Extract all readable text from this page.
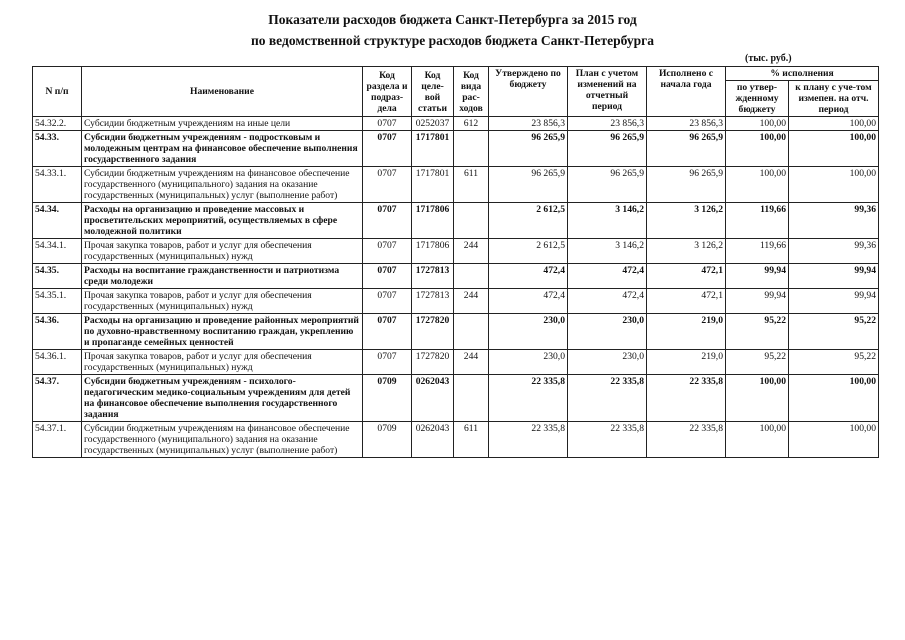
Показатели расходов бюджета Санкт-Петербурга за 2015 год
по ведомственной структуре расходов бюджета Санкт-Петербурга
(тыс. руб.)
N п/п	Наименование	Код раздела и подраз-дела	Код целе-вой статьи	Код вида рас-ходов	Утверждено по бюджету	План с учетом изменений на отчетный период	Исполнено с начала года	% исполнения	
								по утвер-жденному бюджету	к плану с уче-том измепен. на отч. период
54.32.2.	Субсидии бюджетным учреждениям на иные цели	0707	0252037	612	23 856,3	23 856,3	23 856,3	100,00	100,00
54.33.	Субсидии бюджетным учреждениям - подростковым и молодежным центрам на финансовое обеспечение выполнения государственного задания	0707	1717801		96 265,9	96 265,9	96 265,9	100,00	100,00
54.33.1.	Субсидии бюджетным учреждениям на финансовое обеспечение государственного (муниципального) задания на оказание государственных (муниципальных) услуг (выполнение работ)	0707	1717801	611	96 265,9	96 265,9	96 265,9	100,00	100,00
54.34.	Расходы на организацию и проведение массовых и просветительских мероприятий, осуществляемых в сфере молодежной политики	0707	1717806		2 612,5	3 146,2	3 126,2	119,66	99,36
54.34.1.	Прочая закупка товаров, работ и услуг для обеспечения государственных (муниципальных) нужд	0707	1717806	244	2 612,5	3 146,2	3 126,2	119,66	99,36
54.35.	Расходы на воспитание гражданственности и патриотизма среди молодежи	0707	1727813		472,4	472,4	472,1	99,94	99,94
54.35.1.	Прочая закупка товаров, работ и услуг для обеспечения государственных (муниципальных) нужд	0707	1727813	244	472,4	472,4	472,1	99,94	99,94
54.36.	Расходы на организацию и проведение районных мероприятий по духовно-нравственному воспитанию граждан, укреплению и пропаганде семейных ценностей	0707	1727820		230,0	230,0	219,0	95,22	95,22
54.36.1.	Прочая закупка товаров, работ и услуг для обеспечения государственных (муниципальных) нужд	0707	1727820	244	230,0	230,0	219,0	95,22	95,22
54.37.	Субсидии бюджетным учреждениям - психолого-педагогическим медико-социальным учреждениям для детей на финансовое обеспечение выполнения государственного задания	0709	0262043		22 335,8	22 335,8	22 335,8	100,00	100,00
54.37.1.	Субсидии бюджетным учреждениям на финансовое обеспечение государственного (муниципального) задания на оказание государственных (муниципальных) услуг (выполнение работ)	0709	0262043	611	22 335,8	22 335,8	22 335,8	100,00	100,00
